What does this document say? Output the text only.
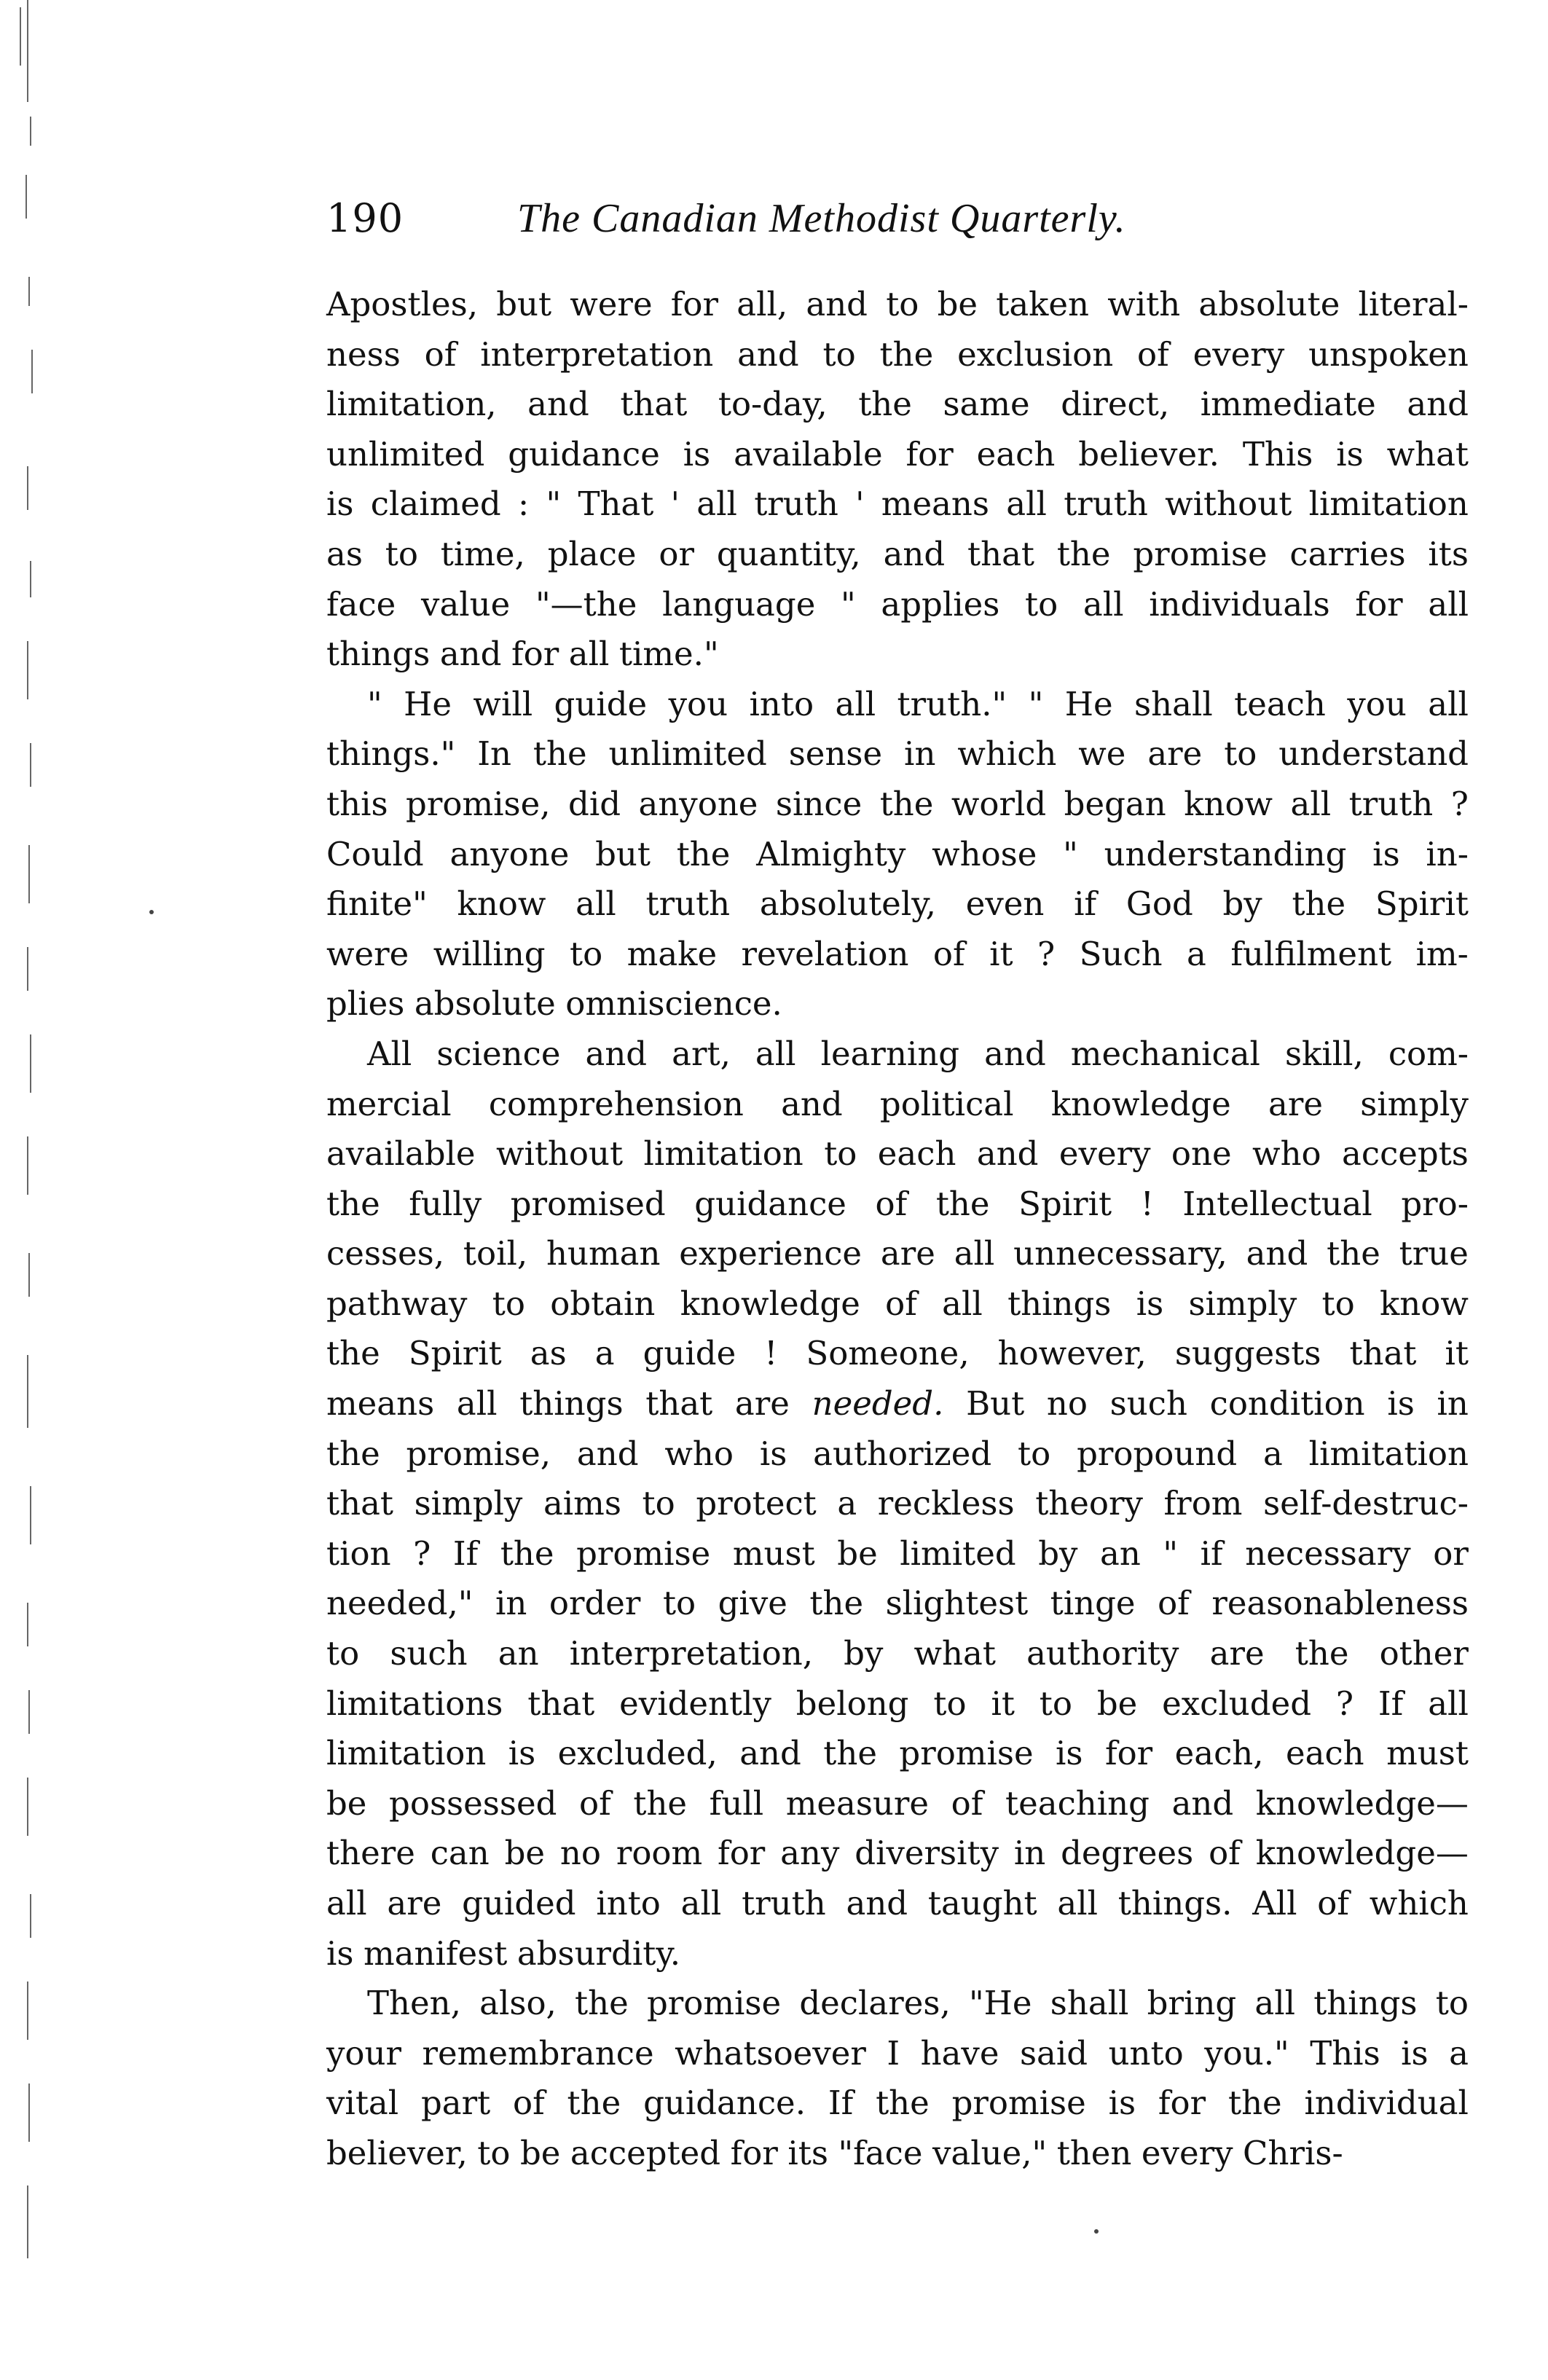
190	The Canadian Methodist Quarterly.
Apostles, but were for all, and to be taken with absolute literal-
ness of interpretation and to the exclusion of every unspoken
limitation, and that to-day, the same direct, immediate and
unlimited guidance is available for each believer. This is what
is claimed : " That ' all truth ' means all truth without limitation
as to time, place or quantity, and that the promise carries its
face value "—the language " applies to all individuals for all
things and for all time."
" He will guide you into all truth." " He shall teach you all
things." In the unlimited sense in which we are to understand
this promise, did anyone since the world began know all truth ?
Could anyone but the Almighty whose " understanding is in-
finite" know all truth absolutely, even if God by the Spirit
were willing to make revelation of it ? Such a fulfilment im-
plies absolute omniscience.
All science and art, all learning and mechanical skill, com-
mercial comprehension and political knowledge are simply
available without limitation to each and every one who accepts
the fully promised guidance of the Spirit ! Intellectual pro-
cesses, toil, human experience are all unnecessary, and the true
pathway to obtain knowledge of all things is simply to know
the Spirit as a guide ! Someone, however, suggests that it
means all things that are needed. But no such condition is in
the promise, and who is authorized to propound a limitation
that simply aims to protect a reckless theory from self-destruc-
tion ? If the promise must be limited by an " if necessary or
needed," in order to give the slightest tinge of reasonableness
to such an interpretation, by what authority are the other
limitations that evidently belong to it to be excluded ? If all
limitation is excluded, and the promise is for each, each must
be possessed of the full measure of teaching and knowledge—
there can be no room for any diversity in degrees of knowledge—
all are guided into all truth and taught all things. All of which
is manifest absurdity.
Then, also, the promise declares, "He shall bring all things to
your remembrance whatsoever I have said unto you." This is a
vital part of the guidance. If the promise is for the individual
believer, to be accepted for its "face value," then every Chris-
